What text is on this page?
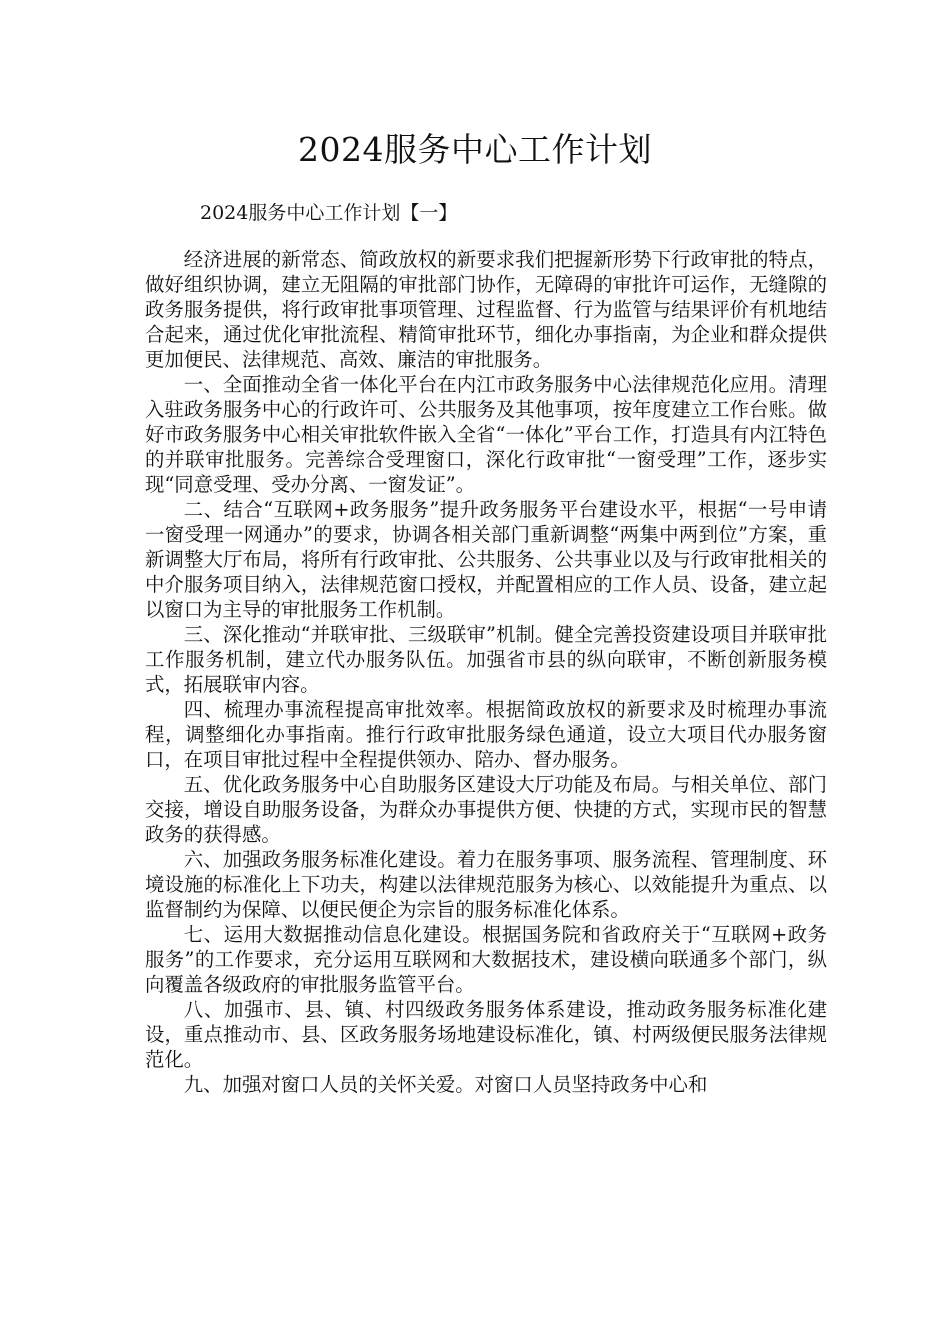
2024服务中心工作计划
2024服务中心工作计划【一】

经济进展的新常态、简政放权的新要求我们把握新形势下行政审批的特点，做好组织协调，建立无阻隔的审批部门协作，无障碍的审批许可运作，无缝隙的政务服务提供，将行政审批事项管理、过程监督、行为监管与结果评价有机地结合起来，通过优化审批流程、精简审批环节，细化办事指南，为企业和群众提供更加便民、法律规范、高效、廉洁的审批服务。

一、全面推动全省一体化平台在内江市政务服务中心法律规范化应用。清理入驻政务服务中心的行政许可、公共服务及其他事项，按年度建立工作台账。做好市政务服务中心相关审批软件嵌入全省“一体化”平台工作，打造具有内江特色的并联审批服务。完善综合受理窗口，深化行政审批“一窗受理”工作，逐步实现“同意受理、受办分离、一窗发证”。

二、结合“互联网+政务服务”提升政务服务平台建设水平，根据“一号申请一窗受理一网通办”的要求，协调各相关部门重新调整“两集中两到位”方案，重新调整大厅布局，将所有行政审批、公共服务、公共事业以及与行政审批相关的中介服务项目纳入，法律规范窗口授权，并配置相应的工作人员、设备，建立起以窗口为主导的审批服务工作机制。

三、深化推动“并联审批、三级联审”机制。健全完善投资建设项目并联审批工作服务机制，建立代办服务队伍。加强省市县的纵向联审，不断创新服务模式，拓展联审内容。

四、梳理办事流程提高审批效率。根据简政放权的新要求及时梳理办事流程，调整细化办事指南。推行行政审批服务绿色通道，设立大项目代办服务窗口，在项目审批过程中全程提供领办、陪办、督办服务。

五、优化政务服务中心自助服务区建设大厅功能及布局。与相关单位、部门交接，增设自助服务设备，为群众办事提供方便、快捷的方式，实现市民的智慧政务的获得感。

六、加强政务服务标准化建设。着力在服务事项、服务流程、管理制度、环境设施的标准化上下功夫，构建以法律规范服务为核心、以效能提升为重点、以监督制约为保障、以便民便企为宗旨的服务标准化体系。

七、运用大数据推动信息化建设。根据国务院和省政府关于“互联网+政务服务”的工作要求，充分运用互联网和大数据技术，建设横向联通多个部门，纵向覆盖各级政府的审批服务监管平台。

八、加强市、县、镇、村四级政务服务体系建设，推动政务服务标准化建设，重点推动市、县、区政务服务场地建设标准化，镇、村两级便民服务法律规范化。

九、加强对窗口人员的关怀关爱。对窗口人员坚持政务中心和
